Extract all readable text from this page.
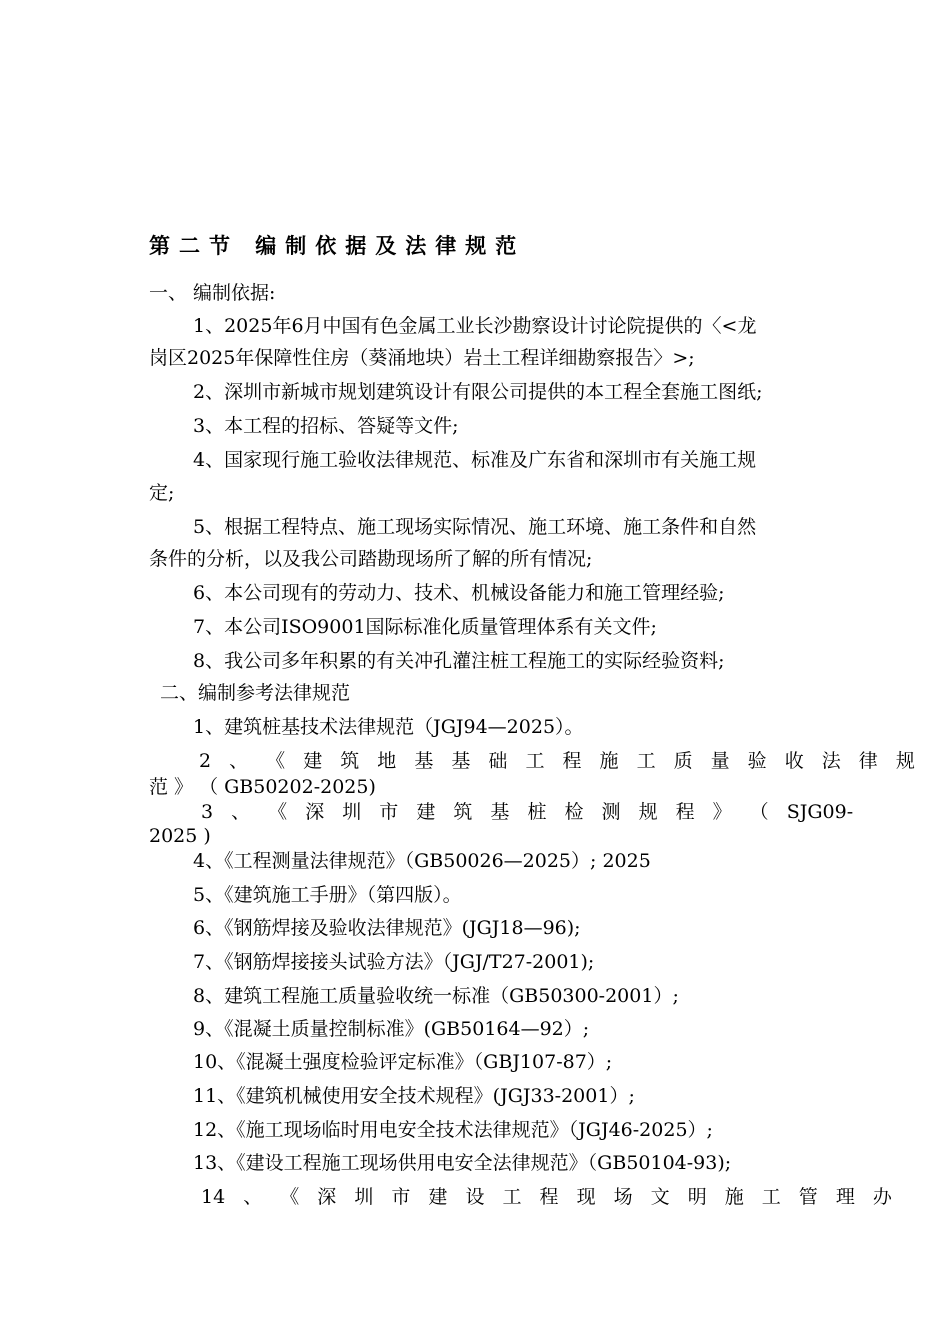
第二节 编制依据及法律规范
一、 编制依据:
1、2025年6月中国有色金属工业长沙勘察设计讨论院提供的〈<龙
岗区2025年保障性住房（葵涌地块）岩土工程详细勘察报告〉>;
2、深圳市新城市规划建筑设计有限公司提供的本工程全套施工图纸;
3、本工程的招标、答疑等文件;
4、国家现行施工验收法律规范、标准及广东省和深圳市有关施工规
定;
5、根据工程特点、施工现场实际情况、施工环境、施工条件和自然
条件的分析，以及我公司踏勘现场所了解的所有情况;
6、本公司现有的劳动力、技术、机械设备能力和施工管理经验;
7、本公司ISO9001国际标准化质量管理体系有关文件;
8、我公司多年积累的有关冲孔灌注桩工程施工的实际经验资料;
二、编制参考法律规范
1、建筑桩基技术法律规范（JGJ94—2025）。
2 、 《 建 筑 地 基 基 础 工 程 施 工 质 量 验 收 法 律 规
范 》 （ GB50202-2025)
3 、 《 深 圳 市 建 筑 基 桩 检 测 规 程 》 （ SJG09-
2025 )
4、《工程测量法律规范》（GB50026—2025）; 2025
5、《建筑施工手册》（第四版）。
6、《钢筋焊接及验收法律规范》(JGJ18—96);
7、《钢筋焊接接头试验方法》（JGJ/T27-2001);
8、建筑工程施工质量验收统一标准（GB50300-2001）;
9、《混凝土质量控制标准》(GB50164—92）;
10、《混凝土强度检验评定标准》（GBJ107-87）;
11、《建筑机械使用安全技术规程》(JGJ33-2001）;
12、《施工现场临时用电安全技术法律规范》（JGJ46-2025）;
13、《建设工程施工现场供用电安全法律规范》（GB50104-93);
14 、 《 深 圳 市 建 设 工 程 现 场 文 明 施 工 管 理 办
